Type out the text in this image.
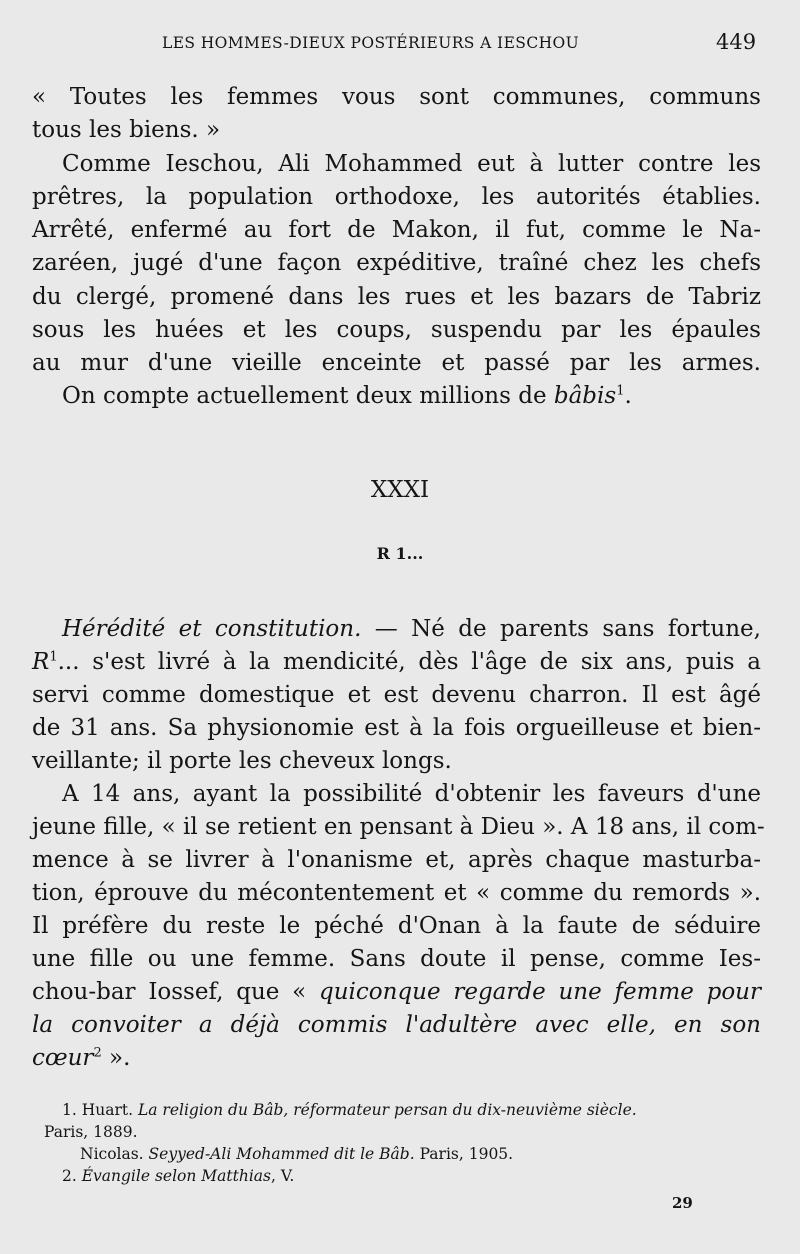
LES HOMMES-DIEUX POSTÉRIEURS A IESCHOU	449
« Toutes les femmes vous sont communes, communs
tous les biens. »
Comme Ieschou, Ali Mohammed eut à lutter contre les
prêtres, la population orthodoxe, les autorités établies.
Arrêté, enfermé au fort de Makon, il fut, comme le Na-
zaréen, jugé d'une façon expéditive, traîné chez les chefs
du clergé, promené dans les rues et les bazars de Tabriz
sous les huées et les coups, suspendu par les épaules
au mur d'une vieille enceinte et passé par les armes.
On compte actuellement deux millions de bâbis$^1$.
XXXI
R 1...
Hérédité et constitution. — Né de parents sans fortune,
$R^1$... s'est livré à la mendicité, dès l'âge de six ans, puis a
servi comme domestique et est devenu charron. Il est âgé
de 31 ans. Sa physionomie est à la fois orgueilleuse et bien-
veillante; il porte les cheveux longs.
A 14 ans, ayant la possibilité d'obtenir les faveurs d'une
jeune fille, « il se retient en pensant à Dieu ». A 18 ans, il com-
mence à se livrer à l'onanisme et, après chaque masturba-
tion, éprouve du mécontentement et « comme du remords ».
Il préfère du reste le péché d'Onan à la faute de séduire
une fille ou une femme. Sans doute il pense, comme Ies-
chou-bar Iossef, que « quiconque regarde une femme pour
la convoiter a déjà commis l'adultère avec elle, en son
cœur$^2$ ».
1. Huart. La religion du Bâb, réformateur persan du dix-neuvième siècle.
Paris, 1889.
Nicolas. Seyyed-Ali Mohammed dit le Bâb. Paris, 1905.
2. Évangile selon Matthias, V.
29
